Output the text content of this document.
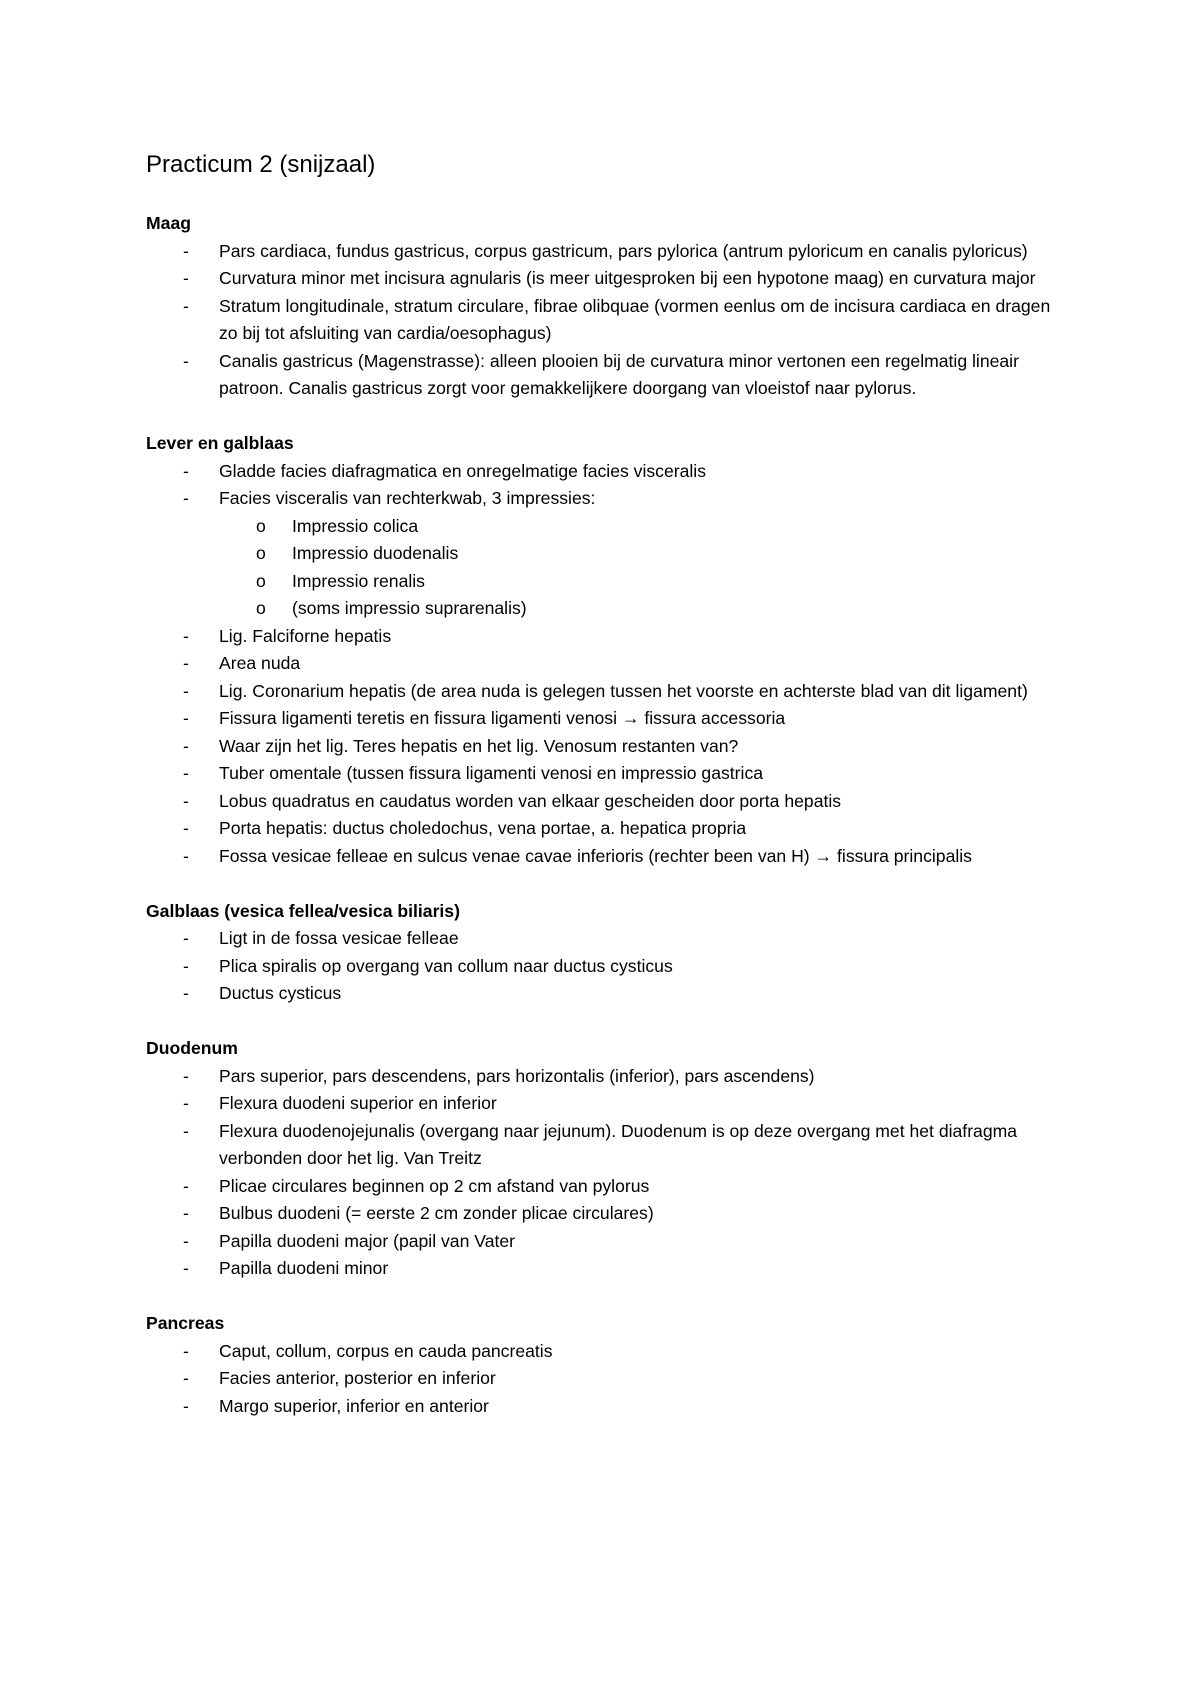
Practicum 2 (snijzaal)
Maag
- Pars cardiaca, fundus gastricus, corpus gastricum, pars pylorica (antrum pyloricum en canalis pyloricus)
- Curvatura minor met incisura agnularis (is meer uitgesproken bij een hypotone maag) en curvatura major
- Stratum longitudinale, stratum circulare, fibrae olibquae (vormen eenlus om de incisura cardiaca en dragen zo bij tot afsluiting van cardia/oesophagus)
- Canalis gastricus (Magenstrasse): alleen plooien bij de curvatura minor vertonen een regelmatig lineair patroon. Canalis gastricus zorgt voor gemakkelijkere doorgang van vloeistof naar pylorus.
Lever en galblaas
- Gladde facies diafragmatica en onregelmatige facies visceralis
- Facies visceralis van rechterkwab, 3 impressies:
o Impressio colica
o Impressio duodenalis
o Impressio renalis
o (soms impressio suprarenalis)
- Lig. Falciforne hepatis
- Area nuda
- Lig. Coronarium hepatis (de area nuda is gelegen tussen het voorste en achterste blad van dit ligament)
- Fissura ligamenti teretis en fissura ligamenti venosi → fissura accessoria
- Waar zijn het lig. Teres hepatis en het lig. Venosum restanten van?
- Tuber omentale (tussen fissura ligamenti venosi en impressio gastrica
- Lobus quadratus en caudatus worden van elkaar gescheiden door porta hepatis
- Porta hepatis: ductus choledochus, vena portae, a. hepatica propria
- Fossa vesicae felleae en sulcus venae cavae inferioris (rechter been van H) → fissura principalis
Galblaas (vesica fellea/vesica biliaris)
- Ligt in de fossa vesicae felleae
- Plica spiralis op overgang van collum naar ductus cysticus
- Ductus cysticus
Duodenum
- Pars superior, pars descendens, pars horizontalis (inferior), pars ascendens)
- Flexura duodeni superior en inferior
- Flexura duodenojejunalis (overgang naar jejunum). Duodenum is op deze overgang met het diafragma verbonden door het lig. Van Treitz
- Plicae circulares beginnen op 2 cm afstand van pylorus
- Bulbus duodeni (= eerste 2 cm zonder plicae circulares)
- Papilla duodeni major (papil van Vater
- Papilla duodeni minor
Pancreas
- Caput, collum, corpus en cauda pancreatis
- Facies anterior, posterior en inferior
- Margo superior, inferior en anterior
